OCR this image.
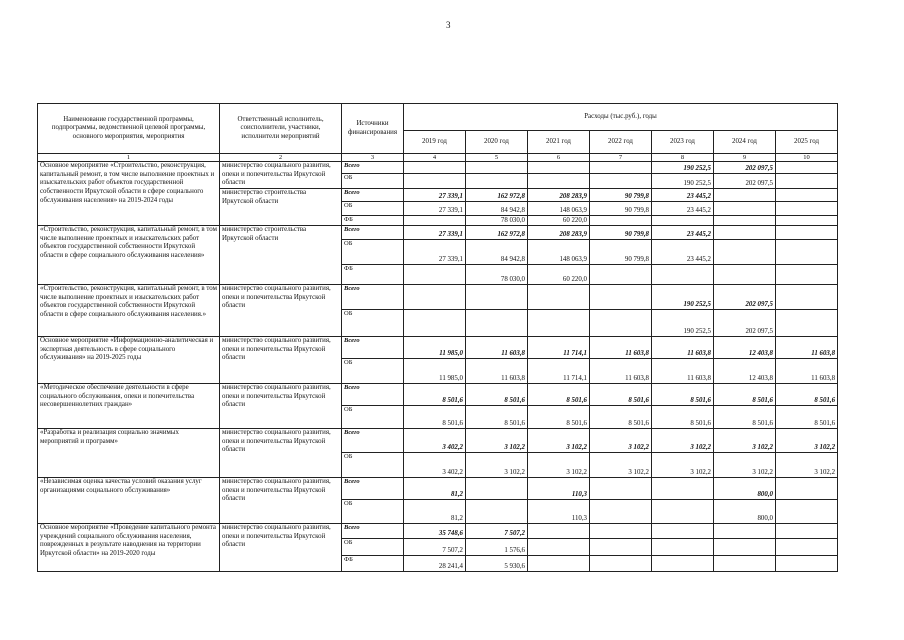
3
Наименование государственной программы, подпрограммы, ведомственной целевой программы, основного мероприятия, мероприятия	Ответственный исполнитель, соисполнители, участники, исполнители мероприятий	Источники финансирования	Расходы (тыс.руб.), годы						
			2019 год	2020 год	2021 год	2022 год	2023 год	2024 год	2025 год
1	2	3	4	5	6	7	8	9	10
Основное мероприятие «Строительство, реконструкция, капитальный ремонт, в том числе выполнение проектных и изыскательских работ объектов государственной собственности Иркутской области в сфере социального обслуживания населения» на 2019-2024 годы	министерство социального развития, опеки и попечительства Иркутской области	Всего					190 252,5	202 097,5	
		ОБ					190 252,5	202 097,5	
	министерство строительства Иркутской области	Всего	27 339,1	162 972,8	208 283,9	90 799,8	23 445,2		
		ОБ	27 339,1	84 942,8	148 063,9	90 799,8	23 445,2		
		ФБ		78 030,0	60 220,0				
«Строительство, реконструкция, капитальный ремонт, в том числе выполнение проектных и изыскательских работ объектов государственной собственности Иркутской области в сфере социального обслуживания населения»	министерство строительства Иркутской области	Всего	27 339,1	162 972,8	208 283,9	90 799,8	23 445,2		
		ОБ	27 339,1	84 942,8	148 063,9	90 799,8	23 445,2		
		ФБ		78 030,0	60 220,0				
«Строительство, реконструкция, капитальный ремонт, в том числе выполнение проектных и изыскательских работ объектов государственной собственности Иркутской области в сфере социального обслуживания населения.»	министерство социального развития, опеки и попечительства Иркутской области	Всего					190 252,5	202 097,5	
		ОБ					190 252,5	202 097,5	
Основное мероприятие «Информационно-аналитическая и экспертная деятельность в сфере социального обслуживания» на 2019-2025 годы	министерство социального развития, опеки и попечительства Иркутской области	Всего	11 985,0	11 603,8	11 714,1	11 603,8	11 603,8	12 403,8	11 603,8
		ОБ	11 985,0	11 603,8	11 714,1	11 603,8	11 603,8	12 403,8	11 603,8
«Методическое обеспечение деятельности в сфере социального обслуживания, опеки и попечительства несовершеннолетних граждан»	министерство социального развития, опеки и попечительства Иркутской области	Всего	8 501,6	8 501,6	8 501,6	8 501,6	8 501,6	8 501,6	8 501,6
		ОБ	8 501,6	8 501,6	8 501,6	8 501,6	8 501,6	8 501,6	8 501,6
«Разработка и реализация социально значимых мероприятий и программ»	министерство социального развития, опеки и попечительства Иркутской области	Всего	3 402,2	3 102,2	3 102,2	3 102,2	3 102,2	3 102,2	3 102,2
		ОБ	3 402,2	3 102,2	3 102,2	3 102,2	3 102,2	3 102,2	3 102,2
«Независимая оценка качества условий оказания услуг организациями социального обслуживания»	министерство социального развития, опеки и попечительства Иркутской области	Всего	81,2		110,3			800,0	
		ОБ	81,2		110,3			800,0	
Основное мероприятие «Проведение капитального ремонта учреждений социального обслуживания населения, поврежденных в результате наводнения на территории Иркутской области» на 2019-2020 годы	министерство социального развития, опеки и попечительства Иркутской области	Всего	35 748,6	7 507,2					
		ОБ	7 507,2	1 576,6					
		ФБ	28 241,4	5 930,6					
